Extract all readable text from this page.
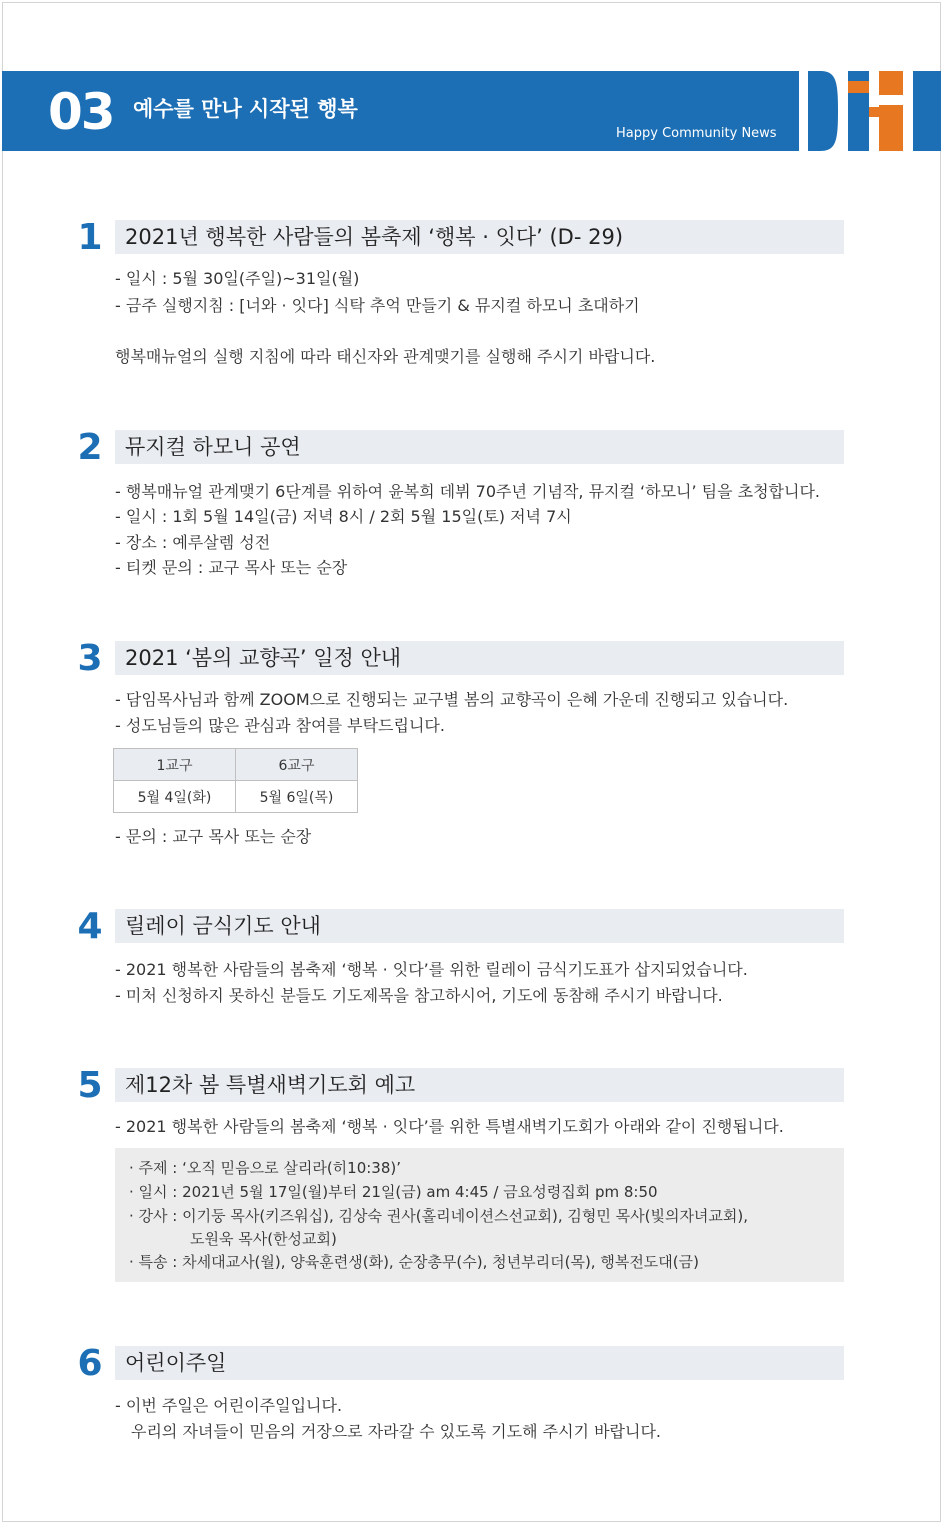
03 예수를 만나 시작된 행복
Happy Community News
1 2021년 행복한 사람들의 봄축제 ‘행복 · 잇다’ (D- 29)
- 일시 : 5월 30일(주일)~31일(월)
- 금주 실행지침 : [너와 · 잇다] 식탁 추억 만들기 & 뮤지컬 하모니 초대하기
행복매뉴얼의 실행 지침에 따라 태신자와 관계맺기를 실행해 주시기 바랍니다.
2 뮤지컬 하모니 공연
- 행복매뉴얼 관계맺기 6단계를 위하여 윤복희 데뷔 70주년 기념작, 뮤지컬 ‘하모니’ 팀을 초청합니다.
- 일시 : 1회 5월 14일(금) 저녁 8시 / 2회 5월 15일(토) 저녁 7시
- 장소 : 예루살렘 성전
- 티켓 문의 : 교구 목사 또는 순장
3 2021 ‘봄의 교향곡’ 일정 안내
- 담임목사님과 함께 ZOOM으로 진행되는 교구별 봄의 교향곡이 은혜 가운데 진행되고 있습니다.
- 성도님들의 많은 관심과 참여를 부탁드립니다.
1교구	6교구
5월 4일(화)	5월 6일(목)
- 문의 : 교구 목사 또는 순장
4 릴레이 금식기도 안내
- 2021 행복한 사람들의 봄축제 ‘행복 · 잇다’를 위한 릴레이 금식기도표가 삽지되었습니다.
- 미처 신청하지 못하신 분들도 기도제목을 참고하시어, 기도에 동참해 주시기 바랍니다.
5 제12차 봄 특별새벽기도회 예고
- 2021 행복한 사람들의 봄축제 ‘행복 · 잇다’를 위한 특별새벽기도회가 아래와 같이 진행됩니다.
· 주제 : ‘오직 믿음으로 살리라(히10:38)’
· 일시 : 2021년 5월 17일(월)부터 21일(금) am 4:45 / 금요성령집회 pm 8:50
· 강사 : 이기둥 목사(키즈워십), 김상숙 권사(홀리네이션스선교회), 김형민 목사(빛의자녀교회),
도원욱 목사(한성교회)
· 특송 : 차세대교사(월), 양육훈련생(화), 순장총무(수), 청년부리더(목), 행복전도대(금)
6 어린이주일
- 이번 주일은 어린이주일입니다.
우리의 자녀들이 믿음의 거장으로 자라갈 수 있도록 기도해 주시기 바랍니다.
